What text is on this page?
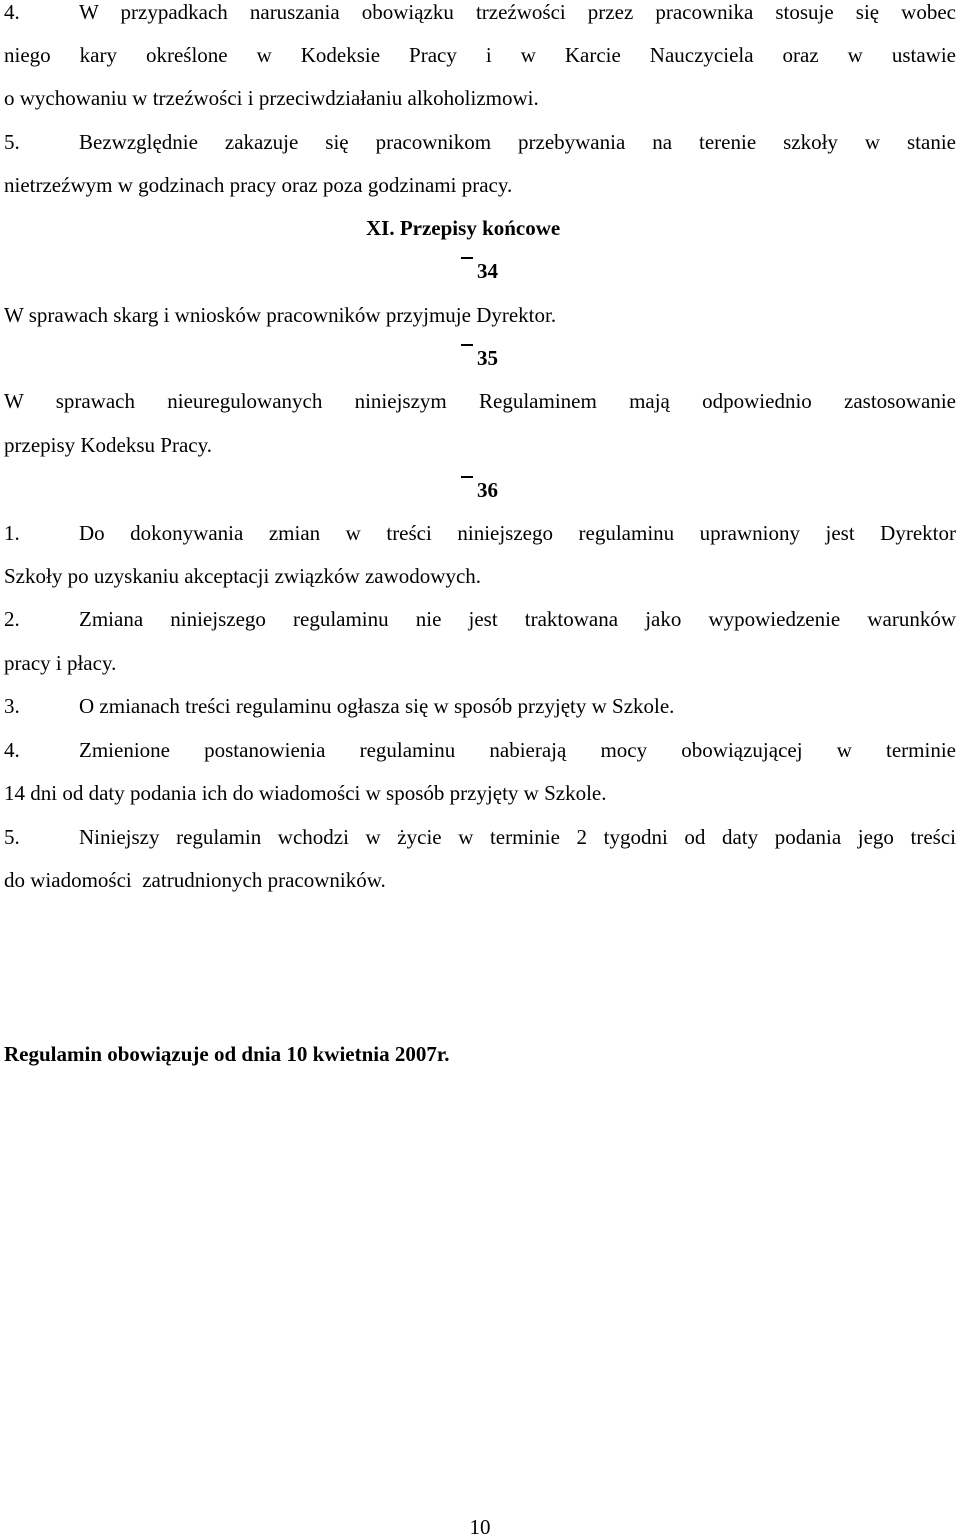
4.	W przypadkach naruszania obowiązku trzeźwości przez pracownika stosuje się wobec
niego kary określone w Kodeksie Pracy i w Karcie Nauczyciela oraz w ustawie
o wychowaniu w trzeźwości i przeciwdziałaniu alkoholizmowi.
5.	Bezwzględnie zakazuje się pracownikom przebywania na terenie szkoły w stanie
nietrzeźwym w godzinach pracy oraz poza godzinami pracy.
XI. Przepisy końcowe
34
W sprawach skarg i wniosków pracowników przyjmuje Dyrektor.
35
W sprawach nieuregulowanych niniejszym Regulaminem mają odpowiednio zastosowanie
przepisy Kodeksu Pracy.
36
1.	Do dokonywania zmian w treści niniejszego regulaminu uprawniony jest Dyrektor
Szkoły po uzyskaniu akceptacji związków zawodowych.
2.	Zmiana niniejszego regulaminu nie jest traktowana jako wypowiedzenie warunków
pracy i płacy.
3.	O zmianach treści regulaminu ogłasza się w sposób przyjęty w Szkole.
4.	Zmienione postanowienia regulaminu nabierają mocy obowiązującej w terminie
14 dni od daty podania ich do wiadomości w sposób przyjęty w Szkole.
5.	Niniejszy regulamin wchodzi w życie w terminie 2 tygodni od daty podania jego treści
do wiadomości  zatrudnionych pracowników.
Regulamin obowiązuje od dnia 10 kwietnia 2007r.
10
